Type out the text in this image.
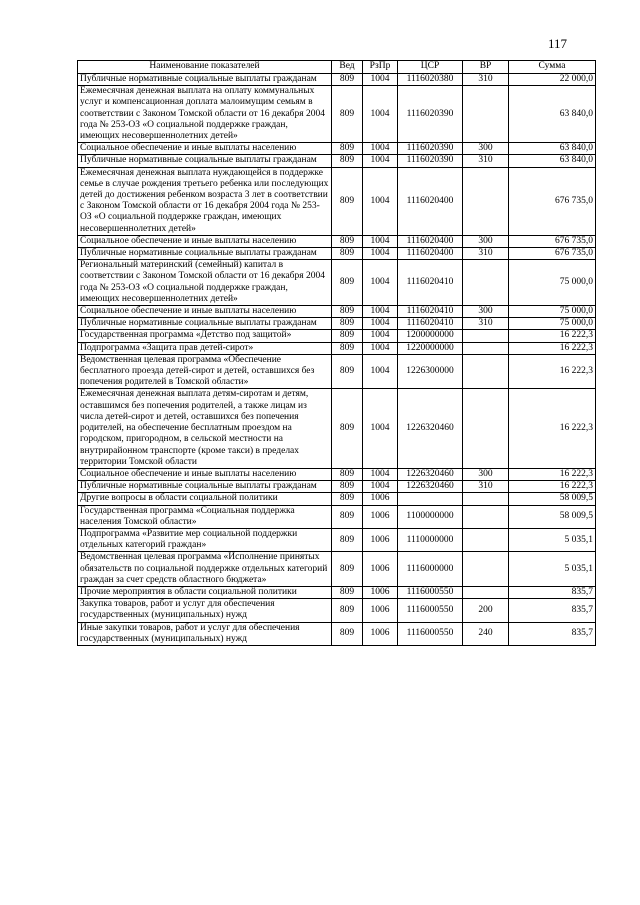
117
Наименование показателей	Вед	РзПр	ЦСР	ВР	Сумма
Публичные нормативные социальные выплаты гражданам	809	1004	1116020380	310	22 000,0
Ежемесячная денежная выплата на оплату коммунальных услуг и компенсационная доплата малоимущим семьям в соответствии с Законом Томской области от 16 декабря 2004 года № 253-ОЗ «О социальной поддержке граждан, имеющих несовершеннолетних детей»	809	1004	1116020390		63 840,0
Социальное обеспечение и иные выплаты населению	809	1004	1116020390	300	63 840,0
Публичные нормативные социальные выплаты гражданам	809	1004	1116020390	310	63 840,0
Ежемесячная денежная выплата нуждающейся в поддержке семье в случае рождения третьего ребенка или последующих детей до достижения ребенком возраста 3 лет в соответствии с Законом Томской области от 16 декабря 2004 года № 253-ОЗ «О социальной поддержке граждан, имеющих несовершеннолетних детей»	809	1004	1116020400		676 735,0
Социальное обеспечение и иные выплаты населению	809	1004	1116020400	300	676 735,0
Публичные нормативные социальные выплаты гражданам	809	1004	1116020400	310	676 735,0
Региональный материнский (семейный) капитал в соответствии с Законом Томской области от 16 декабря 2004 года № 253-ОЗ «О социальной поддержке граждан, имеющих несовершеннолетних детей»	809	1004	1116020410		75 000,0
Социальное обеспечение и иные выплаты населению	809	1004	1116020410	300	75 000,0
Публичные нормативные социальные выплаты гражданам	809	1004	1116020410	310	75 000,0
Государственная программа «Детство под защитой»	809	1004	1200000000		16 222,3
Подпрограмма «Защита прав детей-сирот»	809	1004	1220000000		16 222,3
Ведомственная целевая программа «Обеспечение бесплатного проезда детей-сирот и детей, оставшихся без попечения родителей в Томской области»	809	1004	1226300000		16 222,3
Ежемесячная денежная выплата детям-сиротам и детям, оставшимся без попечения родителей, а также лицам из числа детей-сирот и детей, оставшихся без попечения родителей, на обеспечение бесплатным проездом на городском, пригородном, в сельской местности на внутрирайонном транспорте (кроме такси) в пределах территории Томской области	809	1004	1226320460		16 222,3
Социальное обеспечение и иные выплаты населению	809	1004	1226320460	300	16 222,3
Публичные нормативные социальные выплаты гражданам	809	1004	1226320460	310	16 222,3
Другие вопросы в области социальной политики	809	1006			58 009,5
Государственная программа «Социальная поддержка населения Томской области»	809	1006	1100000000		58 009,5
Подпрограмма «Развитие мер социальной поддержки отдельных категорий граждан»	809	1006	1110000000		5 035,1
Ведомственная целевая программа «Исполнение принятых обязательств по социальной поддержке отдельных категорий граждан за счет средств областного бюджета»	809	1006	1116000000		5 035,1
Прочие мероприятия в области социальной политики	809	1006	1116000550		835,7
Закупка товаров, работ и услуг для обеспечения государственных (муниципальных) нужд	809	1006	1116000550	200	835,7
Иные закупки товаров, работ и услуг для обеспечения государственных (муниципальных) нужд	809	1006	1116000550	240	835,7
